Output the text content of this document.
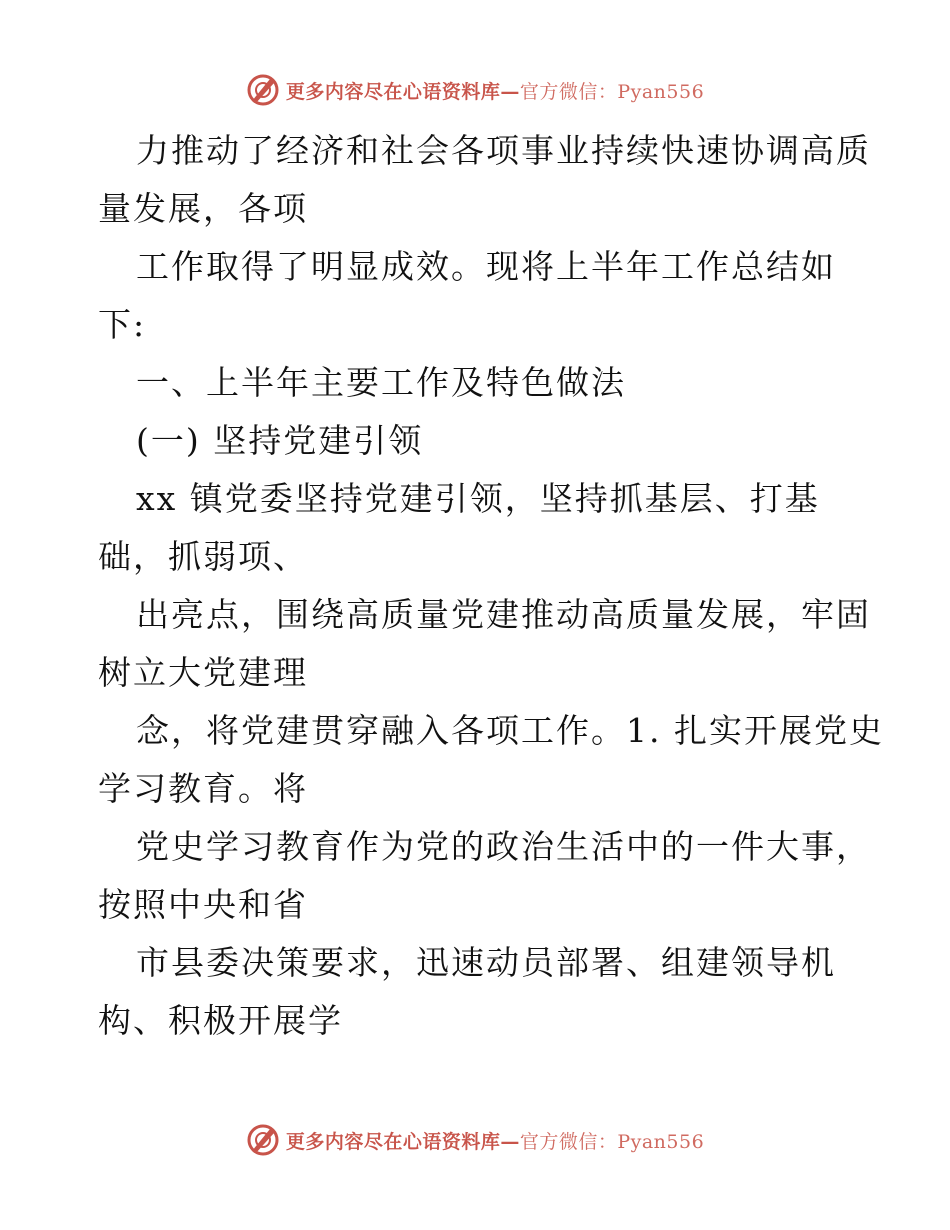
更多内容尽在心语资料库—官方微信：Pyan556
力推动了经济和社会各项事业持续快速协调高质
量发展，各项
工作取得了明显成效。现将上半年工作总结如
下:
一、上半年主要工作及特色做法
(一) 坚持党建引领
xx 镇党委坚持党建引领，坚持抓基层、打基
础，抓弱项、
出亮点，围绕高质量党建推动高质量发展，牢固
树立大党建理
念，将党建贯穿融入各项工作。1. 扎实开展党史
学习教育。将
党史学习教育作为党的政治生活中的一件大事，
按照中央和省
市县委决策要求，迅速动员部署、组建领导机
构、积极开展学
更多内容尽在心语资料库—官方微信：Pyan556
